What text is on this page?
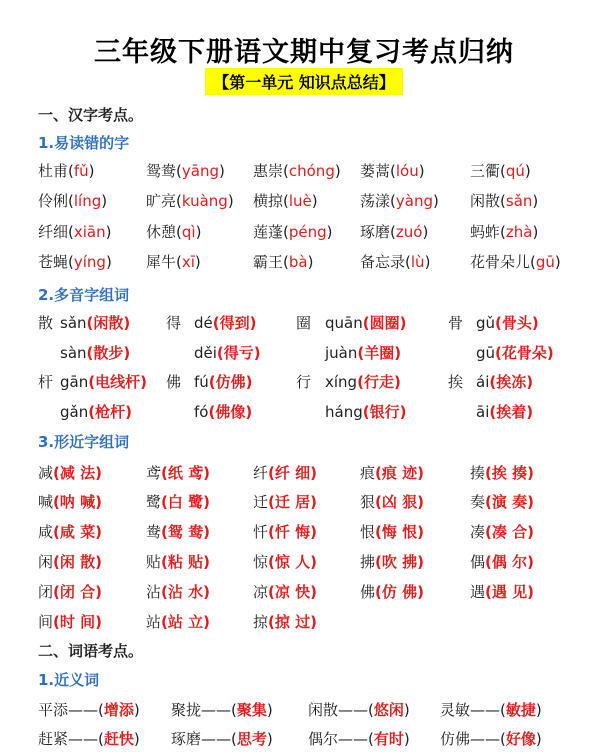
三年级下册语文期中复习考点归纳
【第一单元 知识点总结】
一、汉字考点。
1.易读错的字
杜甫(fǔ)	鸳鸯(yāng) 惠崇(chóng) 蒌蒿(lóu)	三衢(qú)
伶俐(líng)	旷亮(kuàng) 横掠(luè)	荡漾(yàng) 闲散(sǎn)
纤细(xiān) 休憩(qì)	莲蓬(péng) 琢磨(zuó)	蚂蚱(zhà)
苍蝇(yíng) 犀牛(xī)	霸王(bà)	备忘录(lù)	花骨朵儿(gū)
2.多音字组词
散 sǎn(闲散) 得 dé(得到)	圈 quān(圆圈)	骨 gǔ(骨头)
sàn(散步)	děi(得亏)	juàn(羊圈)	gū(花骨朵)
杆 gān(电线杆) 佛 fú(仿佛)	行 xíng(行走)	挨 ái(挨冻)
gǎn(枪杆)	fó(佛像)	háng(银行)	āi(挨着)
3.形近字组词
减(减 法)	鸢(纸 鸢)	纤(纤 细)	痕(痕 迹)	揍(挨 揍)
喊(呐 喊)	鹭(白 鹭)	迁(迁 居)	狠(凶 狠)	奏(演 奏)
咸(咸 菜)	鸯(鸳 鸯)	忏(忏 悔)	恨(悔 恨)	凑(凑 合)
闲(闲 散)	贴(粘 贴)	惊(惊 人)	拂(吹 拂)	偶(偶 尔)
闭(闭 合)	沾(沾 水)	凉(凉 快)	佛(仿 佛)	遇(遇 见)
间(时 间)	站(站 立)	掠(掠 过)
二、词语考点。
1.近义词
平添——(增添) 聚拢——(聚集) 闲散——(悠闲) 灵敏——(敏捷)
赶紧——(赶快) 琢磨——(思考) 偶尔——(有时) 仿佛——(好像)
